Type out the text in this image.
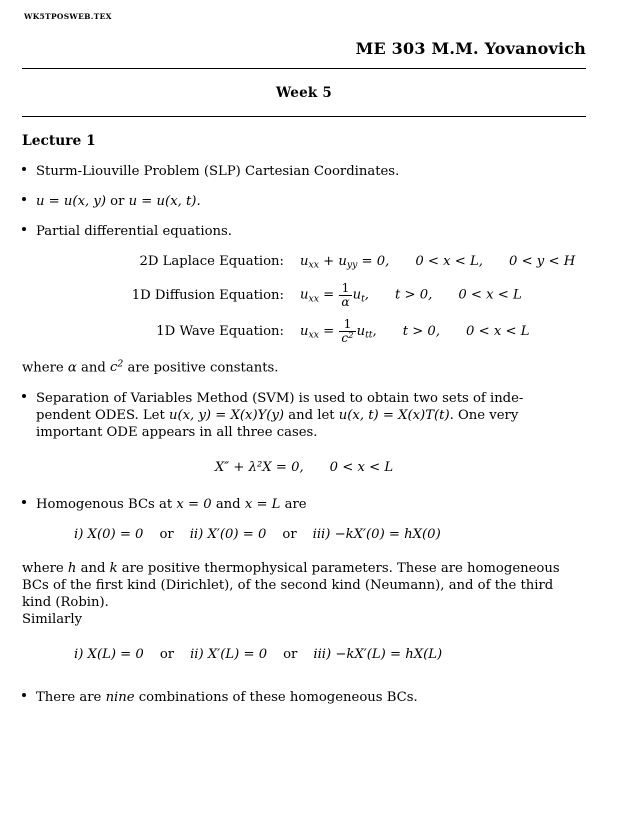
WK5TPOSWEB.TEX
ME 303 M.M. Yovanovich
Week 5
Lecture 1
Sturm-Liouville Problem (SLP) Cartesian Coordinates.
u = u(x, y) or u = u(x, t).
Partial differential equations.
2D Laplace Equation:	$u_{xx} + u_{yy} = 0$, 0 < x < L, 0 < y < H
1D Diffusion Equation:	$u_{xx} = \frac{1}{\alpha} u_t$, t > 0, 0 < x < L
1D Wave Equation:	$u_{xx} = \frac{1}{c^2} u_{tt}$, t > 0, 0 < x < L
where α and $c^2$ are positive constants.
Separation of Variables Method (SVM) is used to obtain two sets of inde-
pendent ODES. Let u(x, y) = X(x)Y(y) and let u(x, t) = X(x)T(t). One very
important ODE appears in all three cases.
X″ + λ²X = 0, 0 < x < L
Homogenous BCs at x = 0 and x = L are
i) X(0) = 0 or ii) X′(0) = 0 or iii) −kX′(0) = hX(0)
where h and k are positive thermophysical parameters. These are homogeneous
BCs of the first kind (Dirichlet), of the second kind (Neumann), and of the third
kind (Robin).
Similarly
i) X(L) = 0 or ii) X′(L) = 0 or iii) −kX′(L) = hX(L)
There are nine combinations of these homogeneous BCs.
